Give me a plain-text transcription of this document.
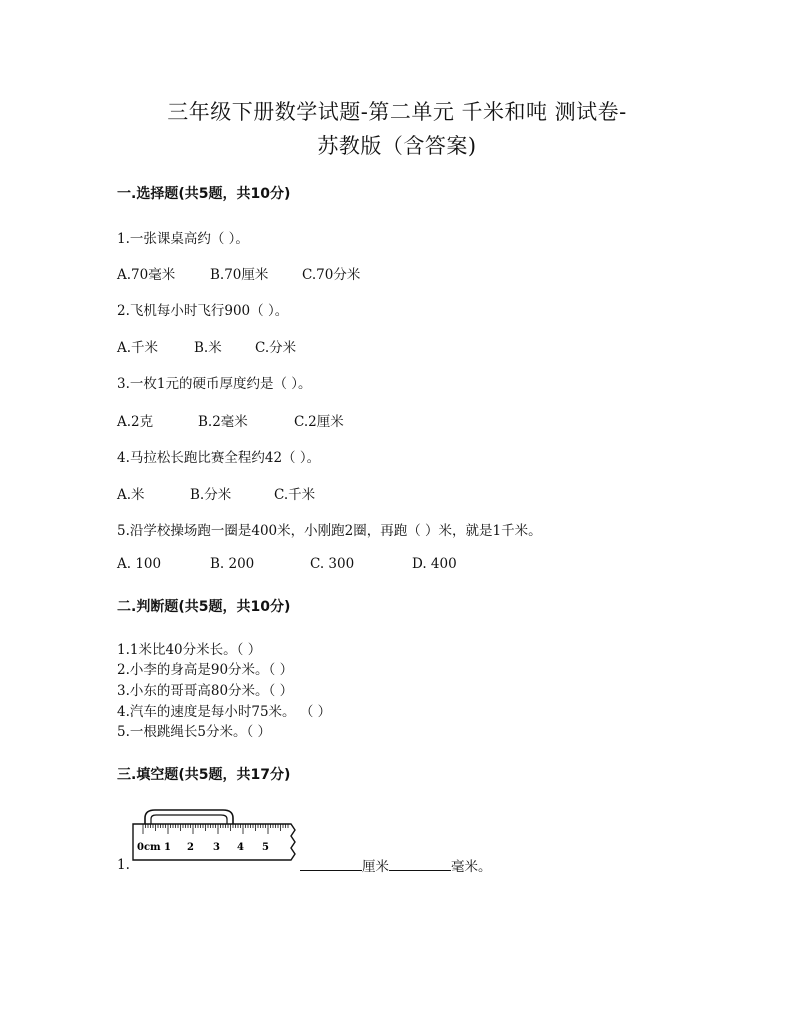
三年级下册数学试题-第二单元 千米和吨 测试卷-
苏教版（含答案)
一.选择题(共5题，共10分)
1.一张课桌高约（ ）。
A.70毫米	B.70厘米 C.70分米
2.飞机每小时飞行900（ ）。
A.千米	B.米 C.分米
3.一枚1元的硬币厚度约是（ ）。
A.2克	B.2毫米	C.2厘米
4.马拉松长跑比赛全程约42（ ）。
A.米	B.分米	C.千米
5.沿学校操场跑一圈是400米，小刚跑2圈，再跑（ ）米，就是1千米。
A. 100	B. 200	C. 300	D. 400
二.判断题(共5题，共10分)
1.1米比40分米长。（ ）
2.小李的身高是90分米。（ ）
3.小东的哥哥高80分米。（ ）
4.汽车的速度是每小时75米。 （ ）
5.一根跳绳长5分米。（ ）
三.填空题(共5题，共17分)
1.
0cm 1 2 3 4 5
厘米	毫米。
